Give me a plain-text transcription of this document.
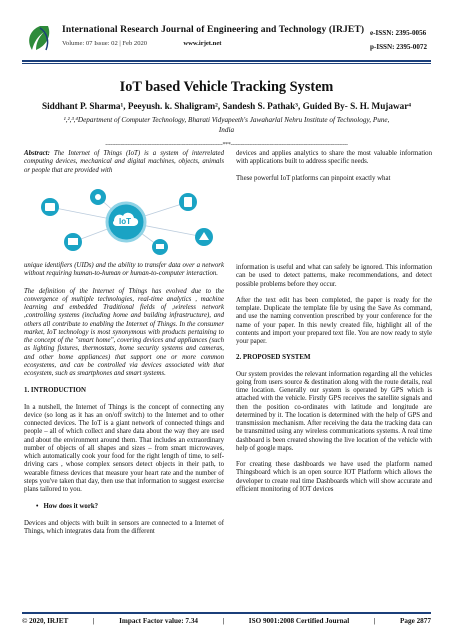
International Research Journal of Engineering and Technology (IRJET)
Volume: 07 Issue: 02 | Feb 2020	www.irjet.net
e-ISSN: 2395-0056
p-ISSN: 2395-0072
IoT based Vehicle Tracking System
Siddhant P. Sharma¹, Peeyush. k. Shaligram², Sandesh S. Pathak³, Guided By- S. H. Mujawar⁴
¹,²,³,⁴Department of Computer Technology, Bharati Vidyapeeth's Jawaharlal Nehru Institute of Technology, Pune, India
---------------------------------------------------------------------***---------------------------------------------------------------------

Abstract: The Internet of Things (IoT) is a system of interrelated computing devices, mechanical and digital machines, objects, animals or people that are provided with

IoT

unique identifiers (UIDs) and the ability to transfer data over a network without requiring human-to-human or human-to-computer interaction.

The definition of the Internet of Things has evolved due to the convergence of multiple technologies, real-time analytics , machine learning and embedded Traditional fields of ,wireless network ,controlling systems (including home and building infrastructure), and others all contribute to enabling the Internet of Things. In the consumer market, IoT technology is most synonymous with products pertaining to the concept of the "smart home", covering devices and appliances (such as lighting fixtures, thermostats, home security systems and cameras, and other home appliances) that support one or more common ecosystems, and can be controlled via devices associated with that ecosystem, such as smartphones and smart systems.

1. INTRODUCTION

In a nutshell, the Internet of Things is the concept of connecting any device (so long as it has an on/off switch) to the Internet and to other connected devices. The IoT is a giant network of connected things and people – all of which collect and share data about the way they are used and about the environment around them. That includes an extraordinary number of objects of all shapes and sizes – from smart microwaves, which automatically cook your food for the right length of time, to self-driving cars , whose complex sensors detect objects in their path, to wearable fitness devices that measure your heart rate and the number of steps you've taken that day, then use that information to suggest exercise plans tailored to you.

•   How does it work?

Devices and objects with built in sensors are connected to a Internet of Things, which integrates data from the different

devices and applies analytics to share the most valuable information with applications built to address specific needs.

These powerful IoT platforms can pinpoint exactly what

information is useful and what can safely be ignored. This information can be used to detect patterns, make recommendations, and detect possible problems before they occur.

After the text edit has been completed, the paper is ready for the template. Duplicate the template file by using the Save As command, and use the naming convention prescribed by your conference for the name of your paper. In this newly created file, highlight all of the contents and import your prepared text file. You are now ready to style your paper.

2. PROPOSED SYSTEM

Our system provides the relevant information regarding all the vehicles going from users source & destination along with the route details, real time location. Generally our system is operated by GPS which is attached with the vehicle. Firstly GPS receives the satellite signals and then the position co-ordinates with latitude and longitude are determined by it. The location is determined with the help of GPS and transmission mechanism. After receiving the data the tracking data can be transmitted using any wireless communications systems. A real time dashboard is been created showing the live location of the vehicle with help of google maps.

For creating these dashboards we have used the platform named Thingsboard which is an open source IOT Platform which allows the developer to create real time Dashboards which will show accurate and efficient monitoring of IOT devices

© 2020, IRJET	|	Impact Factor value: 7.34	|	ISO 9001:2008 Certified Journal	|	Page 2877
